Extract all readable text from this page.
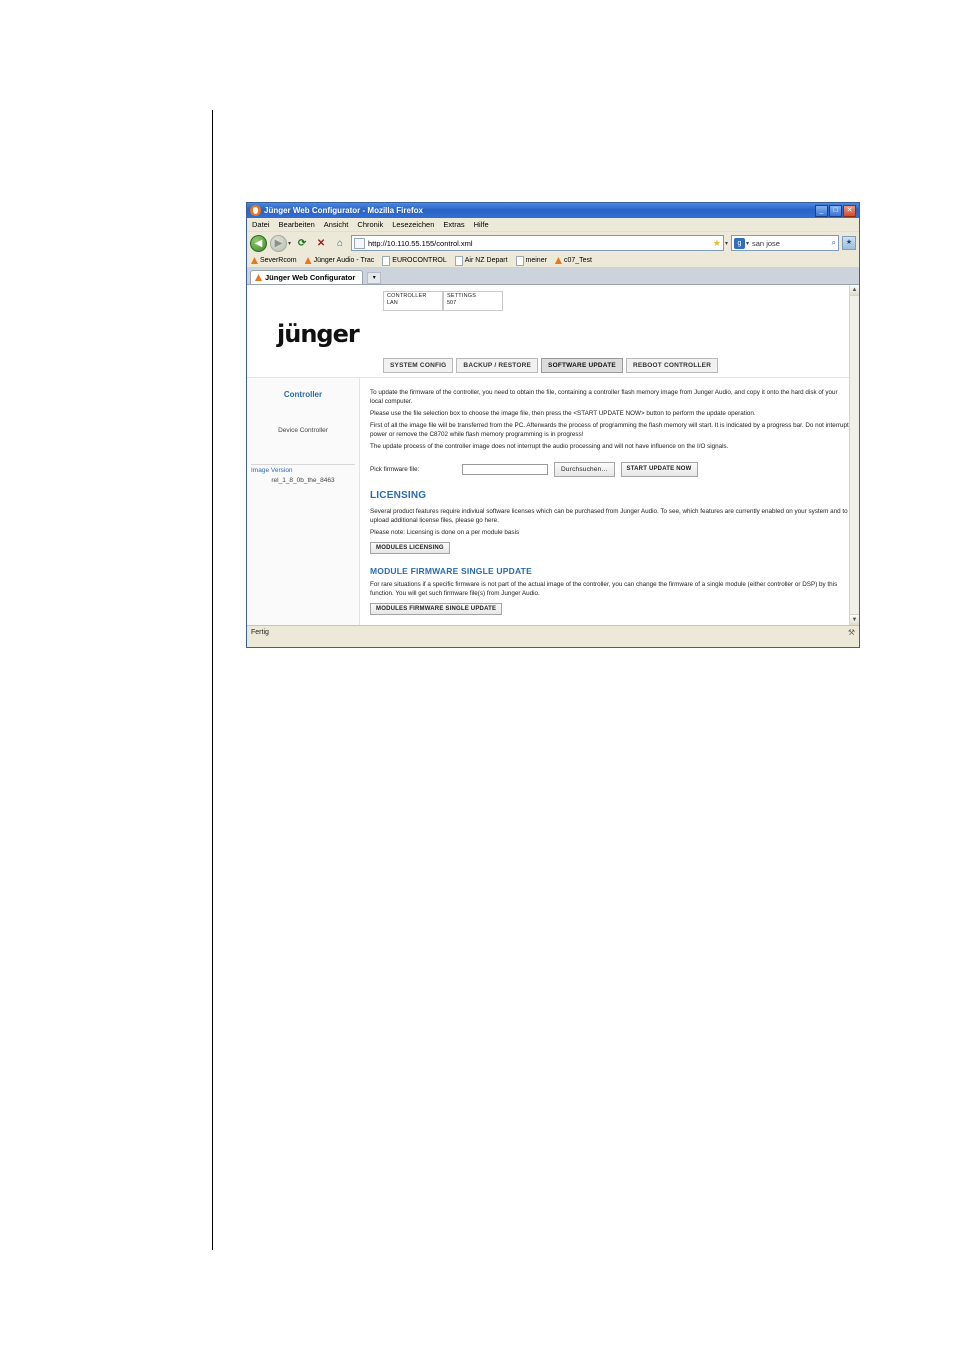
Jünger Web Configurator - Mozilla Firefox	_	□	✕
Datei Bearbeiten Ansicht Chronik Lesezeichen Extras Hilfe
◀	▶ ▾ ⟳	✕	⌂	http://10.110.55.155/control.xml	★ ▾	g ▾ san jose	⌕	★
SeverRcom Jünger Audio - Trac	EUROCONTROL	Air NZ Depart	meiner c07_Test
Jünger Web Configurator	▾
CONTROLLER
LAN
SETTINGS
507
jünger
SYSTEM CONFIG	BACKUP / RESTORE	SOFTWARE UPDATE	REBOOT CONTROLLER
Controller
Device Controller
Image Version
rel_1_8_0b_the_8463

To update the firmware of the controller, you need to obtain the file, containing a controller flash memory image from Junger Audio, and copy it onto the hard disk of your local computer.

Please use the file selection box to choose the image file, then press the <START UPDATE NOW> button to perform the update operation.

First of all the image file will be transferred from the PC. Afterwards the process of programming the flash memory will start. It is indicated by a progress bar. Do not interrupt power or remove the C8702 while flash memory programming is in progress!

The update process of the controller image does not interrupt the audio processing and will not have influence on the I/O signals.

Pick firmware file:	Durchsuchen...	START UPDATE NOW
LICENSING

Several product features require indiviual software licenses which can be purchased from Junger Audio. To see, which features are currently enabled on your system and to upload additional license files, please go here.

Please note: Licensing is done on a per module basis

MODULES LICENSING
MODULE FIRMWARE SINGLE UPDATE

For rare situations if a specific firmware is not part of the actual image of the controller, you can change the firmware of a single module (either controller or DSP) by this function. You will get such firmware file(s) from Junger Audio.

MODULES FIRMWARE SINGLE UPDATE
▲
▼
Fertig	⚒
